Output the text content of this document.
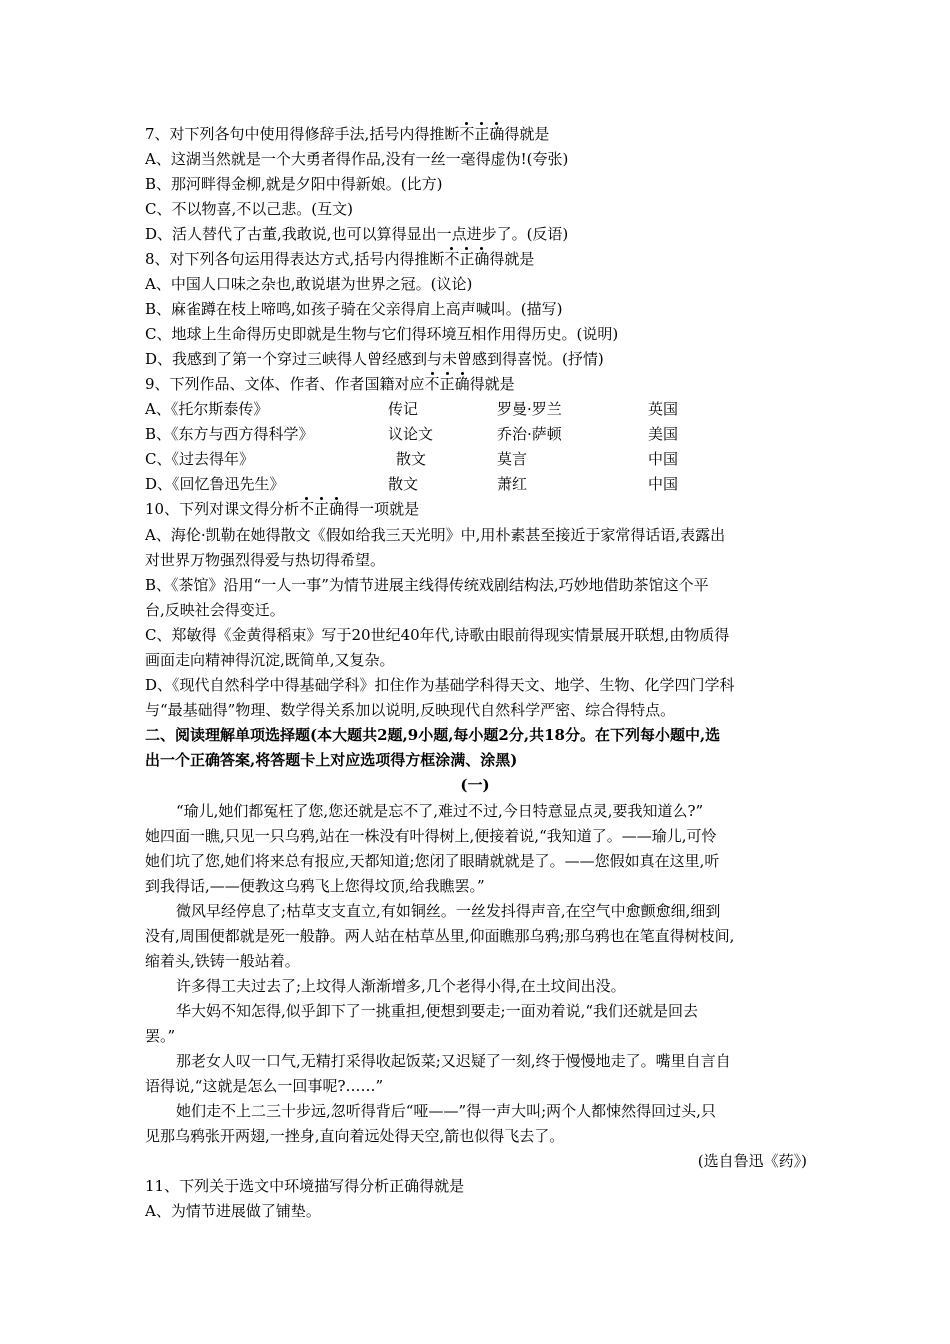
7、对下列各句中使用得修辞手法,括号内得推断不正确得就是
A、这湖当然就是一个大勇者得作品,没有一丝一毫得虚伪!(夸张)
B、那河畔得金柳,就是夕阳中得新娘。(比方)
C、不以物喜,不以己悲。(互文)
D、活人替代了古董,我敢说,也可以算得显出一点进步了。(反语)
8、对下列各句运用得表达方式,括号内得推断不正确得就是
A、中国人口味之杂也,敢说堪为世界之冠。(议论)
B、麻雀蹲在枝上啼鸣,如孩子骑在父亲得肩上高声喊叫。(描写)
C、地球上生命得历史即就是生物与它们得环境互相作用得历史。(说明)
D、我感到了第一个穿过三峡得人曾经感到与未曾感到得喜悦。(抒情)
9、下列作品、文体、作者、作者国籍对应不正确得就是
A、《托尔斯泰传》	传记	罗曼·罗兰	英国
B、《东方与西方得科学》	议论文	乔治·萨顿	美国
C、《过去得年》	散文	莫言	中国
D、《回忆鲁迅先生》	散文	萧红	中国
10、下列对课文得分析不正确得一项就是
A、海伦·凯勒在她得散文《假如给我三天光明》中,用朴素甚至接近于家常得话语,表露出
对世界万物强烈得爱与热切得希望。
B、《茶馆》沿用“一人一事”为情节进展主线得传统戏剧结构法,巧妙地借助茶馆这个平
台,反映社会得变迁。
C、郑敏得《金黄得稻束》写于20世纪40年代,诗歌由眼前得现实情景展开联想,由物质得
画面走向精神得沉淀,既简单,又复杂。
D、《现代自然科学中得基础学科》扣住作为基础学科得天文、地学、生物、化学四门学科
与“最基础得”物理、数学得关系加以说明,反映现代自然科学严密、综合得特点。
二、阅读理解单项选择题(本大题共2题,9小题,每小题2分,共18分。在下列每小题中,选
出一个正确答案,将答题卡上对应选项得方框涂满、涂黑)
(一)
“瑜儿,她们都冤枉了您,您还就是忘不了,难过不过,今日特意显点灵,要我知道么?”
她四面一瞧,只见一只乌鸦,站在一株没有叶得树上,便接着说,“我知道了。——瑜儿,可怜
她们坑了您,她们将来总有报应,天都知道;您闭了眼睛就就是了。——您假如真在这里,听
到我得话,——便教这乌鸦飞上您得坟顶,给我瞧罢。”
微风早经停息了;枯草支支直立,有如铜丝。一丝发抖得声音,在空气中愈颤愈细,细到
没有,周围便都就是死一般静。两人站在枯草丛里,仰面瞧那乌鸦;那乌鸦也在笔直得树枝间,
缩着头,铁铸一般站着。
许多得工夫过去了;上坟得人渐渐增多,几个老得小得,在土坟间出没。
华大妈不知怎得,似乎卸下了一挑重担,便想到要走;一面劝着说,“我们还就是回去
罢。”
那老女人叹一口气,无精打采得收起饭菜;又迟疑了一刻,终于慢慢地走了。嘴里自言自
语得说,“这就是怎么一回事呢?……”
她们走不上二三十步远,忽听得背后“哑——”得一声大叫;两个人都悚然得回过头,只
见那乌鸦张开两翅,一挫身,直向着远处得天空,箭也似得飞去了。
(选自鲁迅《药》)
11、下列关于选文中环境描写得分析正确得就是
A、为情节进展做了铺垫。
